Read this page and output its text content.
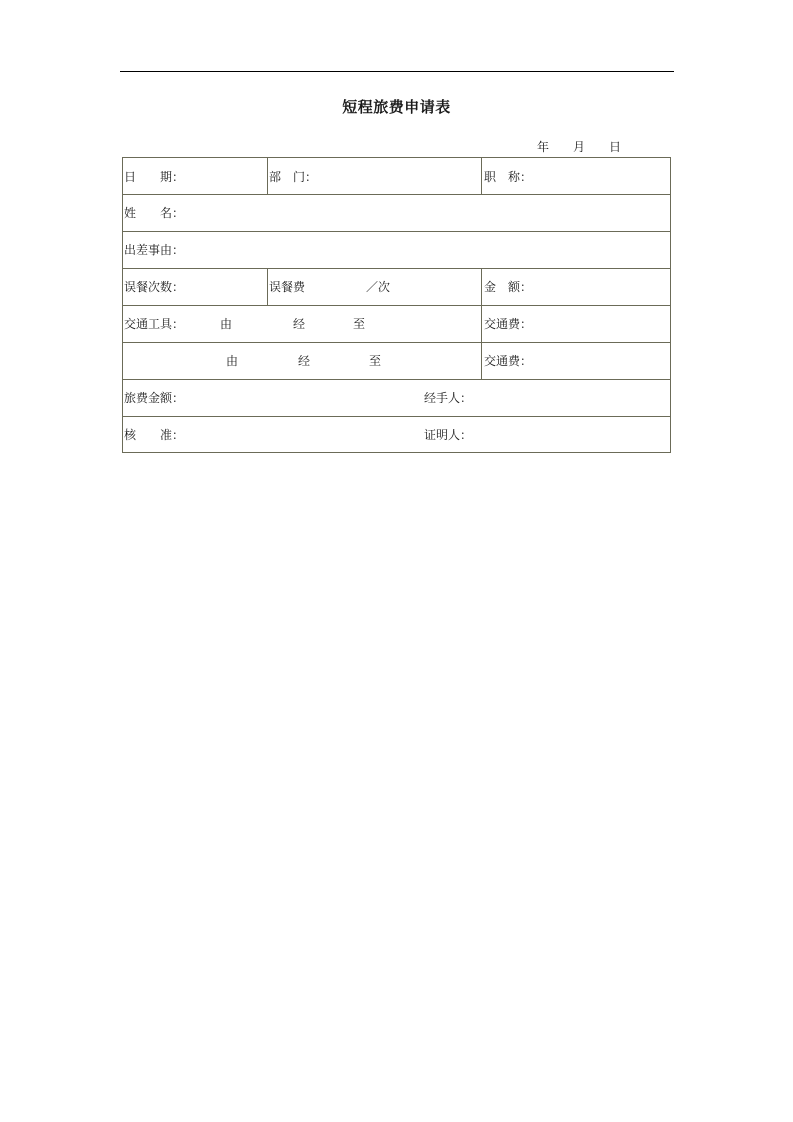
短程旅费申请表
年 月 日
日　　期：	部　门：	职　称：
姓　　名：
出差事由：
误餐次数：	误餐费	／次	金　额：
交通工具：	由	经	至	交通费：
由	经	至	交通费：
旅费金额：	经手人：
核　　准：	证明人：
